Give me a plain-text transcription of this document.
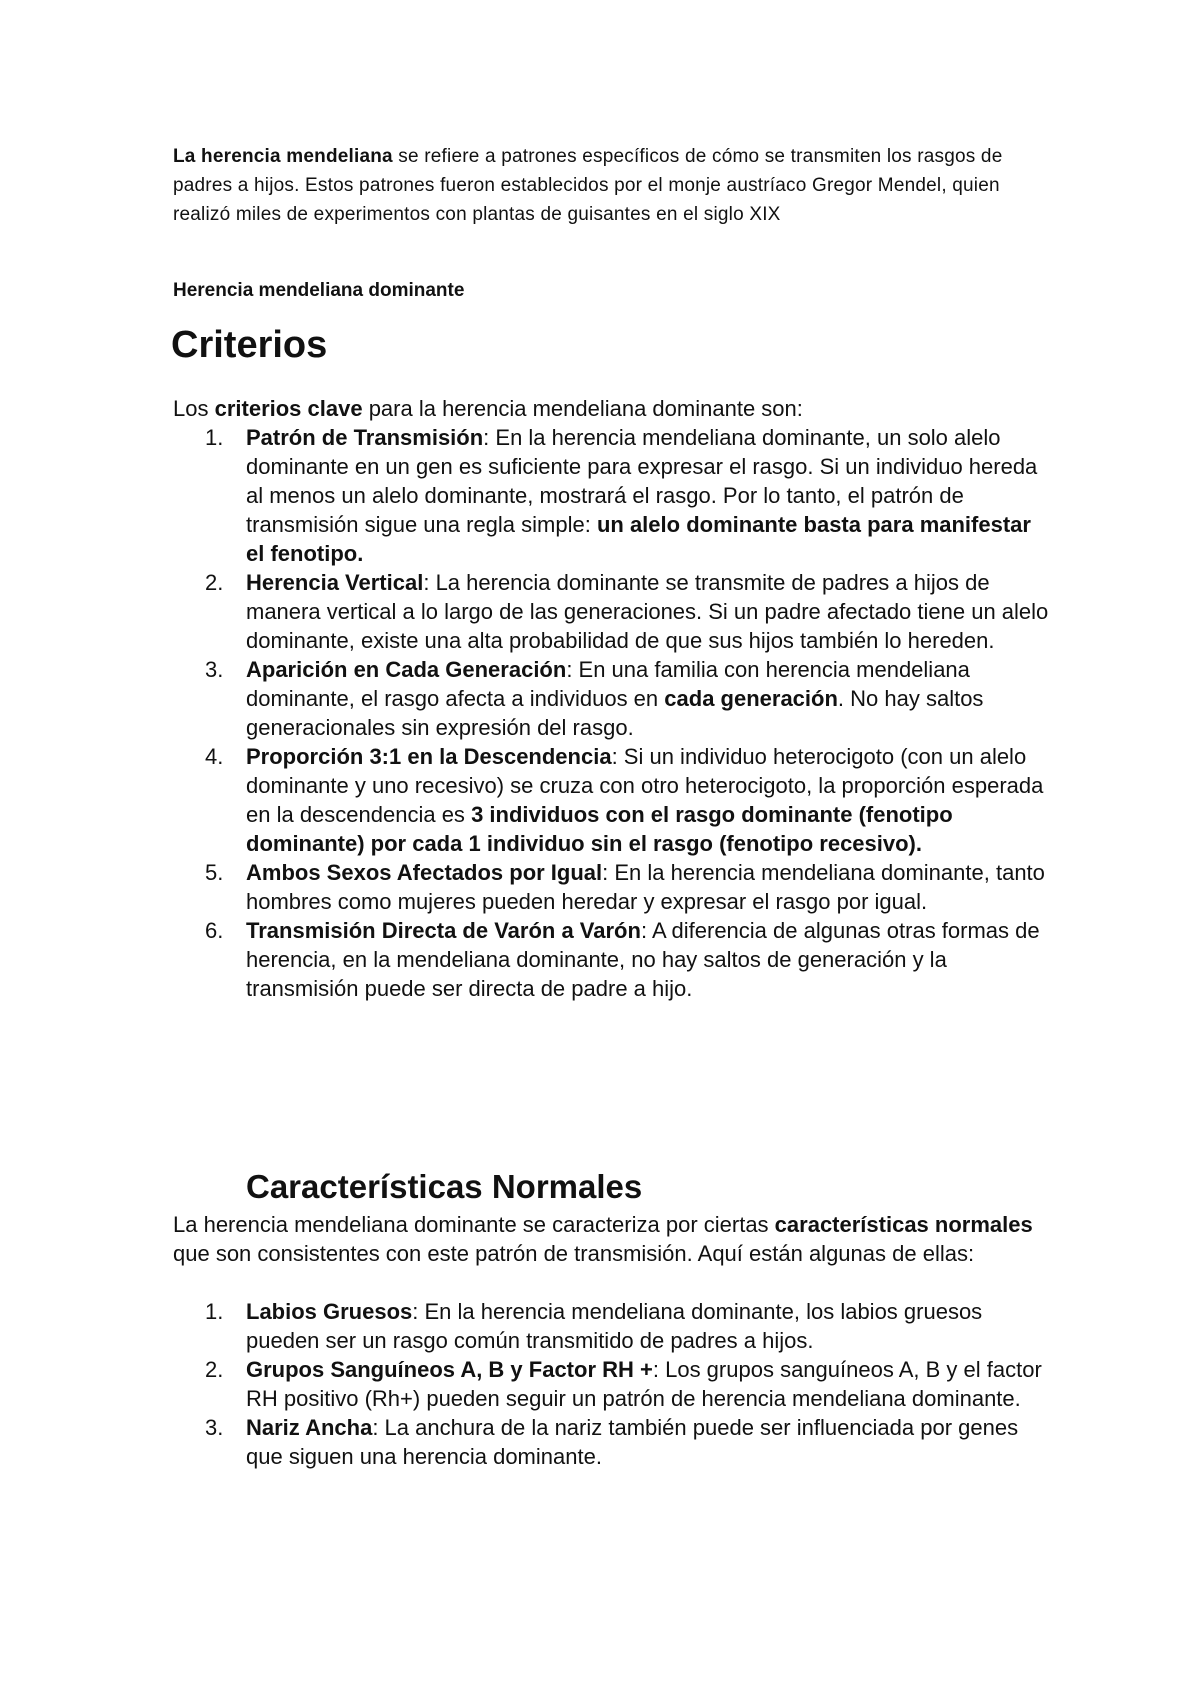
La herencia mendeliana se refiere a patrones específicos de cómo se transmiten los rasgos de padres a hijos. Estos patrones fueron establecidos por el monje austríaco Gregor Mendel, quien realizó miles de experimentos con plantas de guisantes en el siglo XIX

Herencia mendeliana dominante
Criterios

Los criterios clave para la herencia mendeliana dominante son:

1. Patrón de Transmisión: En la herencia mendeliana dominante, un solo alelo dominante en un gen es suficiente para expresar el rasgo. Si un individuo hereda al menos un alelo dominante, mostrará el rasgo. Por lo tanto, el patrón de transmisión sigue una regla simple: un alelo dominante basta para manifestar el fenotipo.
2. Herencia Vertical: La herencia dominante se transmite de padres a hijos de manera vertical a lo largo de las generaciones. Si un padre afectado tiene un alelo dominante, existe una alta probabilidad de que sus hijos también lo hereden.
3. Aparición en Cada Generación: En una familia con herencia mendeliana dominante, el rasgo afecta a individuos en cada generación. No hay saltos generacionales sin expresión del rasgo.
4. Proporción 3:1 en la Descendencia: Si un individuo heterocigoto (con un alelo dominante y uno recesivo) se cruza con otro heterocigoto, la proporción esperada en la descendencia es 3 individuos con el rasgo dominante (fenotipo dominante) por cada 1 individuo sin el rasgo (fenotipo recesivo).
5. Ambos Sexos Afectados por Igual: En la herencia mendeliana dominante, tanto hombres como mujeres pueden heredar y expresar el rasgo por igual.
6. Transmisión Directa de Varón a Varón: A diferencia de algunas otras formas de herencia, en la mendeliana dominante, no hay saltos de generación y la transmisión puede ser directa de padre a hijo.
Características Normales

La herencia mendeliana dominante se caracteriza por ciertas características normales que son consistentes con este patrón de transmisión. Aquí están algunas de ellas:

1. Labios Gruesos: En la herencia mendeliana dominante, los labios gruesos pueden ser un rasgo común transmitido de padres a hijos.
2. Grupos Sanguíneos A, B y Factor RH +: Los grupos sanguíneos A, B y el factor RH positivo (Rh+) pueden seguir un patrón de herencia mendeliana dominante.
3. Nariz Ancha: La anchura de la nariz también puede ser influenciada por genes que siguen una herencia dominante.
